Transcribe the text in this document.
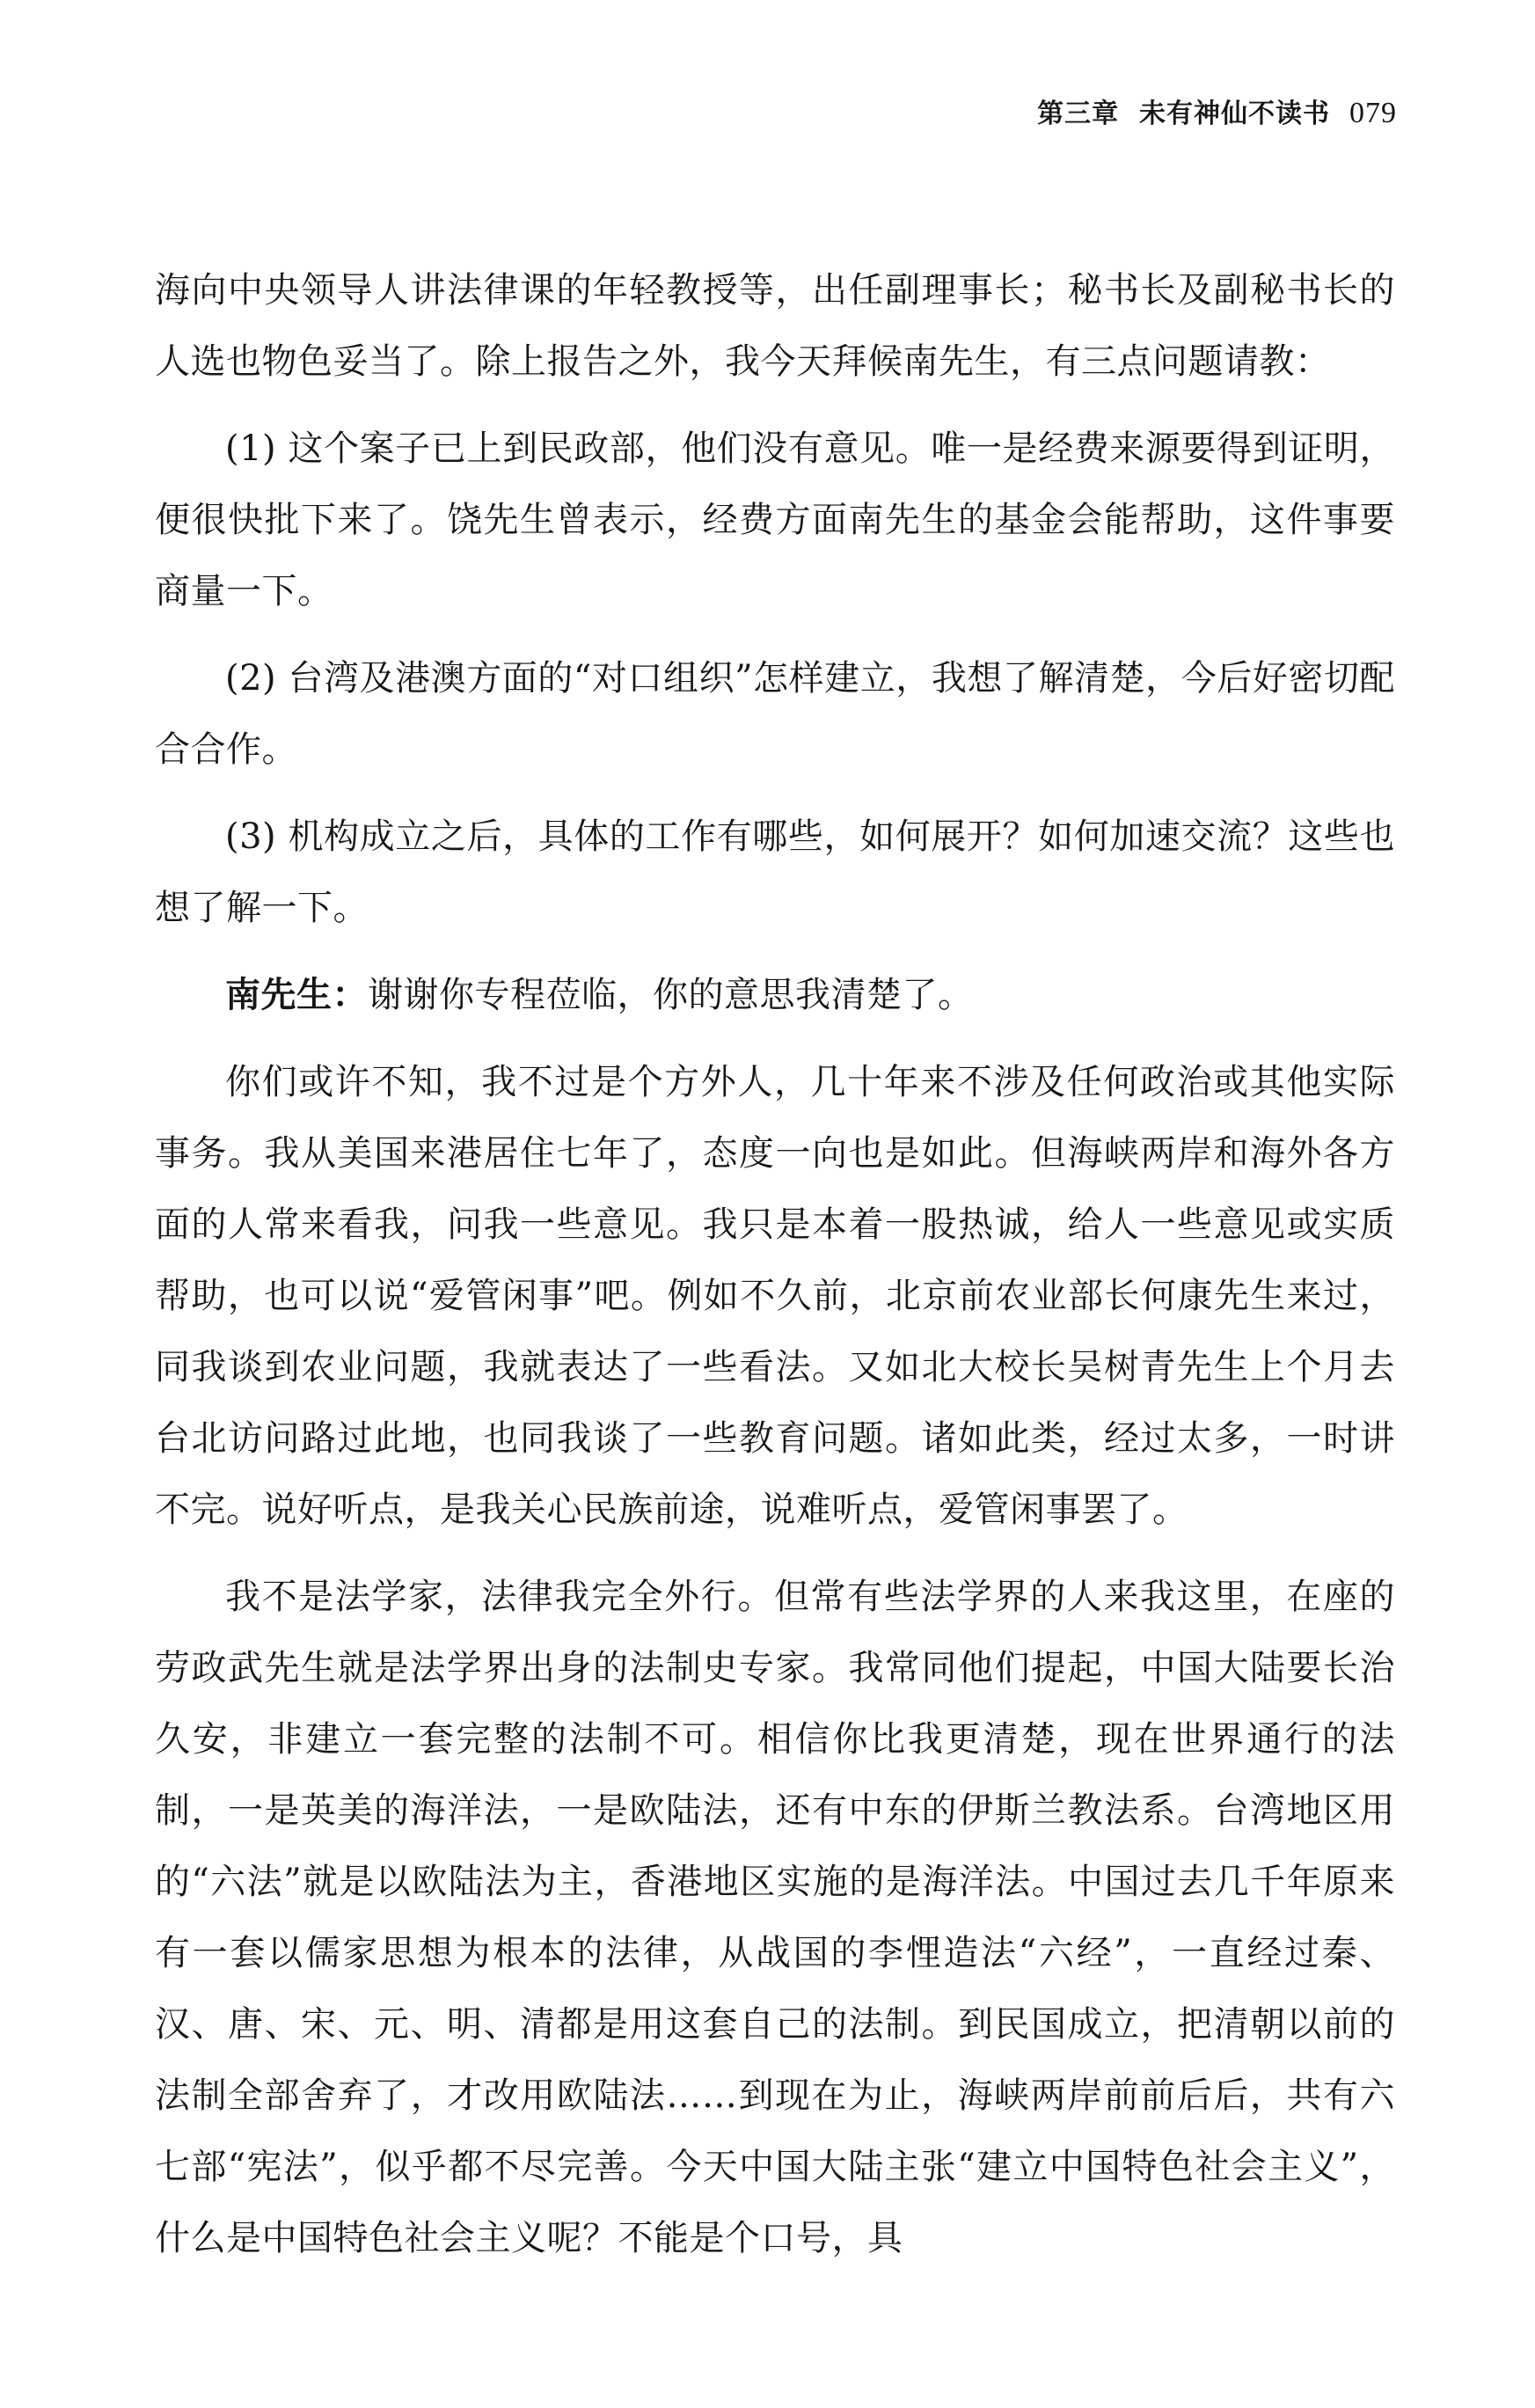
第三章  未有神仙不读书 079

海向中央领导人讲法律课的年轻教授等，出任副理事长；秘书长及副秘书长的人选也物色妥当了。除上报告之外，我今天拜候南先生，有三点问题请教：

(1) 这个案子已上到民政部，他们没有意见。唯一是经费来源要得到证明，便很快批下来了。饶先生曾表示，经费方面南先生的基金会能帮助，这件事要商量一下。

(2) 台湾及港澳方面的“对口组织”怎样建立，我想了解清楚，今后好密切配合合作。

(3) 机构成立之后，具体的工作有哪些，如何展开？如何加速交流？这些也想了解一下。

南先生：谢谢你专程莅临，你的意思我清楚了。

你们或许不知，我不过是个方外人，几十年来不涉及任何政治或其他实际事务。我从美国来港居住七年了，态度一向也是如此。但海峡两岸和海外各方面的人常来看我，问我一些意见。我只是本着一股热诚，给人一些意见或实质帮助，也可以说“爱管闲事”吧。例如不久前，北京前农业部长何康先生来过，同我谈到农业问题，我就表达了一些看法。又如北大校长吴树青先生上个月去台北访问路过此地，也同我谈了一些教育问题。诸如此类，经过太多，一时讲不完。说好听点，是我关心民族前途，说难听点，爱管闲事罢了。

我不是法学家，法律我完全外行。但常有些法学界的人来我这里，在座的劳政武先生就是法学界出身的法制史专家。我常同他们提起，中国大陆要长治久安，非建立一套完整的法制不可。相信你比我更清楚，现在世界通行的法制，一是英美的海洋法，一是欧陆法，还有中东的伊斯兰教法系。台湾地区用的“六法”就是以欧陆法为主，香港地区实施的是海洋法。中国过去几千年原来有一套以儒家思想为根本的法律，从战国的李悝造法“六经”，一直经过秦、汉、唐、宋、元、明、清都是用这套自己的法制。到民国成立，把清朝以前的法制全部舍弃了，才改用欧陆法……到现在为止，海峡两岸前前后后，共有六七部“宪法”，似乎都不尽完善。今天中国大陆主张“建立中国特色社会主义”，什么是中国特色社会主义呢？不能是个口号，具
